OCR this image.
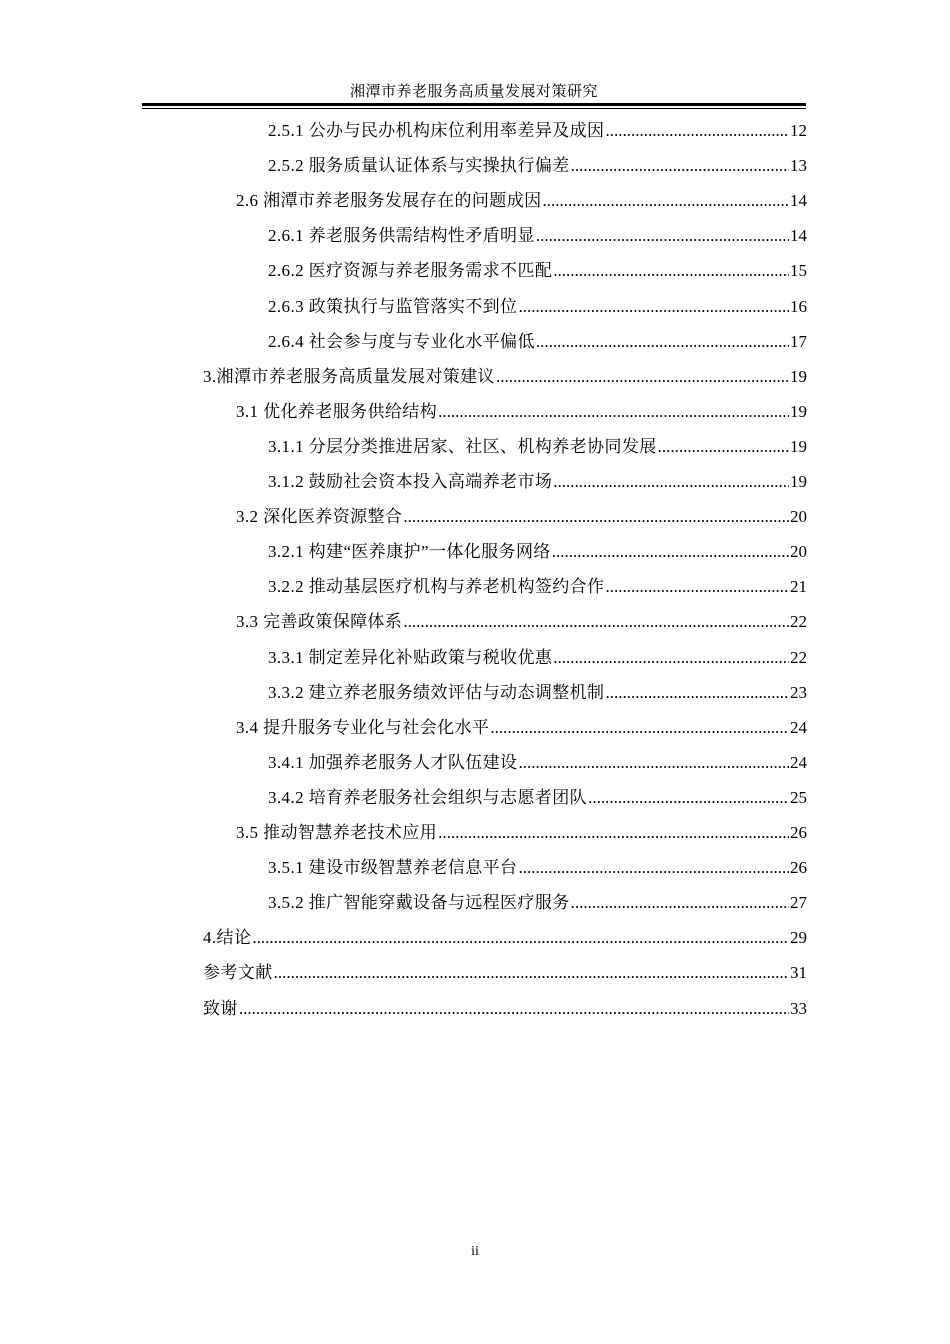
湘潭市养老服务高质量发展对策研究
2.5.1 公办与民办机构床位利用率差异及成因 .....	12
2.5.2 服务质量认证体系与实操执行偏差 .....	13
2.6 湘潭市养老服务发展存在的问题成因 .....	14
2.6.1 养老服务供需结构性矛盾明显 .....	14
2.6.2 医疗资源与养老服务需求不匹配 .....	15
2.6.3 政策执行与监管落实不到位 .....	16
2.6.4 社会参与度与专业化水平偏低 .....	17
3.湘潭市养老服务高质量发展对策建议 .....	19
3.1 优化养老服务供给结构 .....	19
3.1.1 分层分类推进居家、社区、机构养老协同发展 .....	19
3.1.2 鼓励社会资本投入高端养老市场 .....	19
3.2 深化医养资源整合 .....	20
3.2.1 构建“医养康护”一体化服务网络 .....	20
3.2.2 推动基层医疗机构与养老机构签约合作 .....	21
3.3 完善政策保障体系 .....	22
3.3.1 制定差异化补贴政策与税收优惠 .....	22
3.3.2 建立养老服务绩效评估与动态调整机制 .....	23
3.4 提升服务专业化与社会化水平 .....	24
3.4.1 加强养老服务人才队伍建设 .....	24
3.4.2 培育养老服务社会组织与志愿者团队 .....	25
3.5 推动智慧养老技术应用 .....	26
3.5.1 建设市级智慧养老信息平台 .....	26
3.5.2 推广智能穿戴设备与远程医疗服务 .....	27
4.结论 .....	29
参考文献 .....	31
致谢 .....	33
ii
